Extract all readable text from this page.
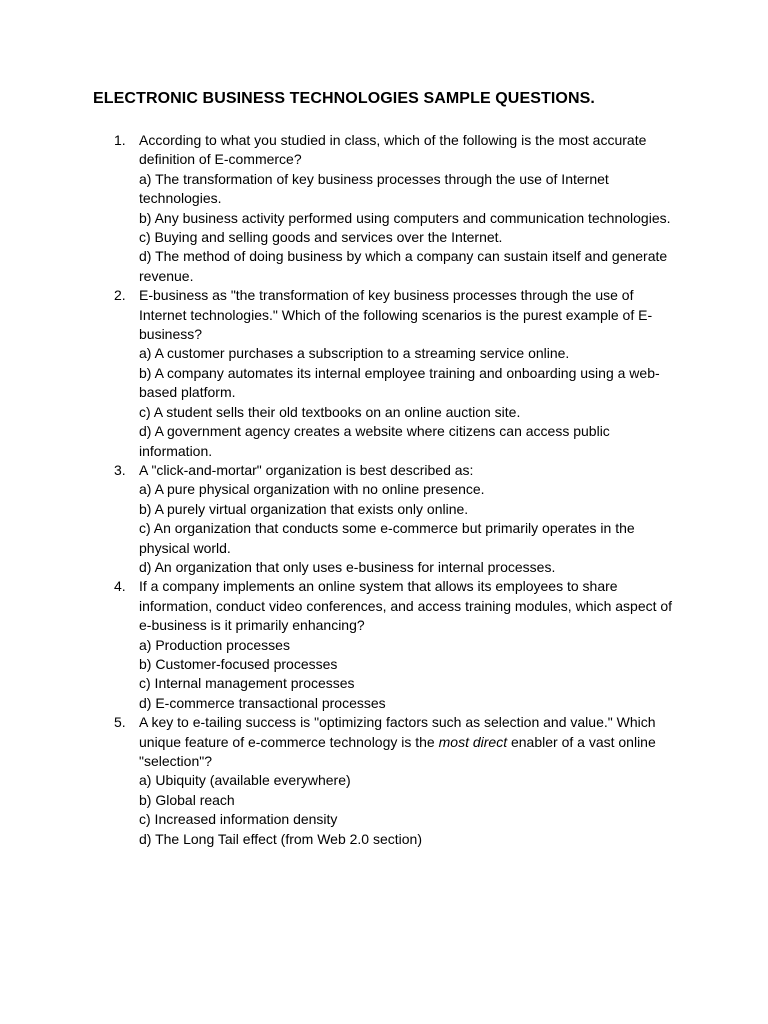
ELECTRONIC BUSINESS TECHNOLOGIES SAMPLE QUESTIONS.
1. According to what you studied in class, which of the following is the most accurate definition of E-commerce?
a) The transformation of key business processes through the use of Internet technologies.
b) Any business activity performed using computers and communication technologies.
c) Buying and selling goods and services over the Internet.
d) The method of doing business by which a company can sustain itself and generate revenue.
2. E-business as "the transformation of key business processes through the use of Internet technologies." Which of the following scenarios is the purest example of E-business?
a) A customer purchases a subscription to a streaming service online.
b) A company automates its internal employee training and onboarding using a web-based platform.
c) A student sells their old textbooks on an online auction site.
d) A government agency creates a website where citizens can access public information.
3. A "click-and-mortar" organization is best described as:
a) A pure physical organization with no online presence.
b) A purely virtual organization that exists only online.
c) An organization that conducts some e-commerce but primarily operates in the physical world.
d) An organization that only uses e-business for internal processes.
4. If a company implements an online system that allows its employees to share information, conduct video conferences, and access training modules, which aspect of e-business is it primarily enhancing?
a) Production processes
b) Customer-focused processes
c) Internal management processes
d) E-commerce transactional processes
5. A key to e-tailing success is "optimizing factors such as selection and value." Which unique feature of e-commerce technology is the most direct enabler of a vast online "selection"?
a) Ubiquity (available everywhere)
b) Global reach
c) Increased information density
d) The Long Tail effect (from Web 2.0 section)
